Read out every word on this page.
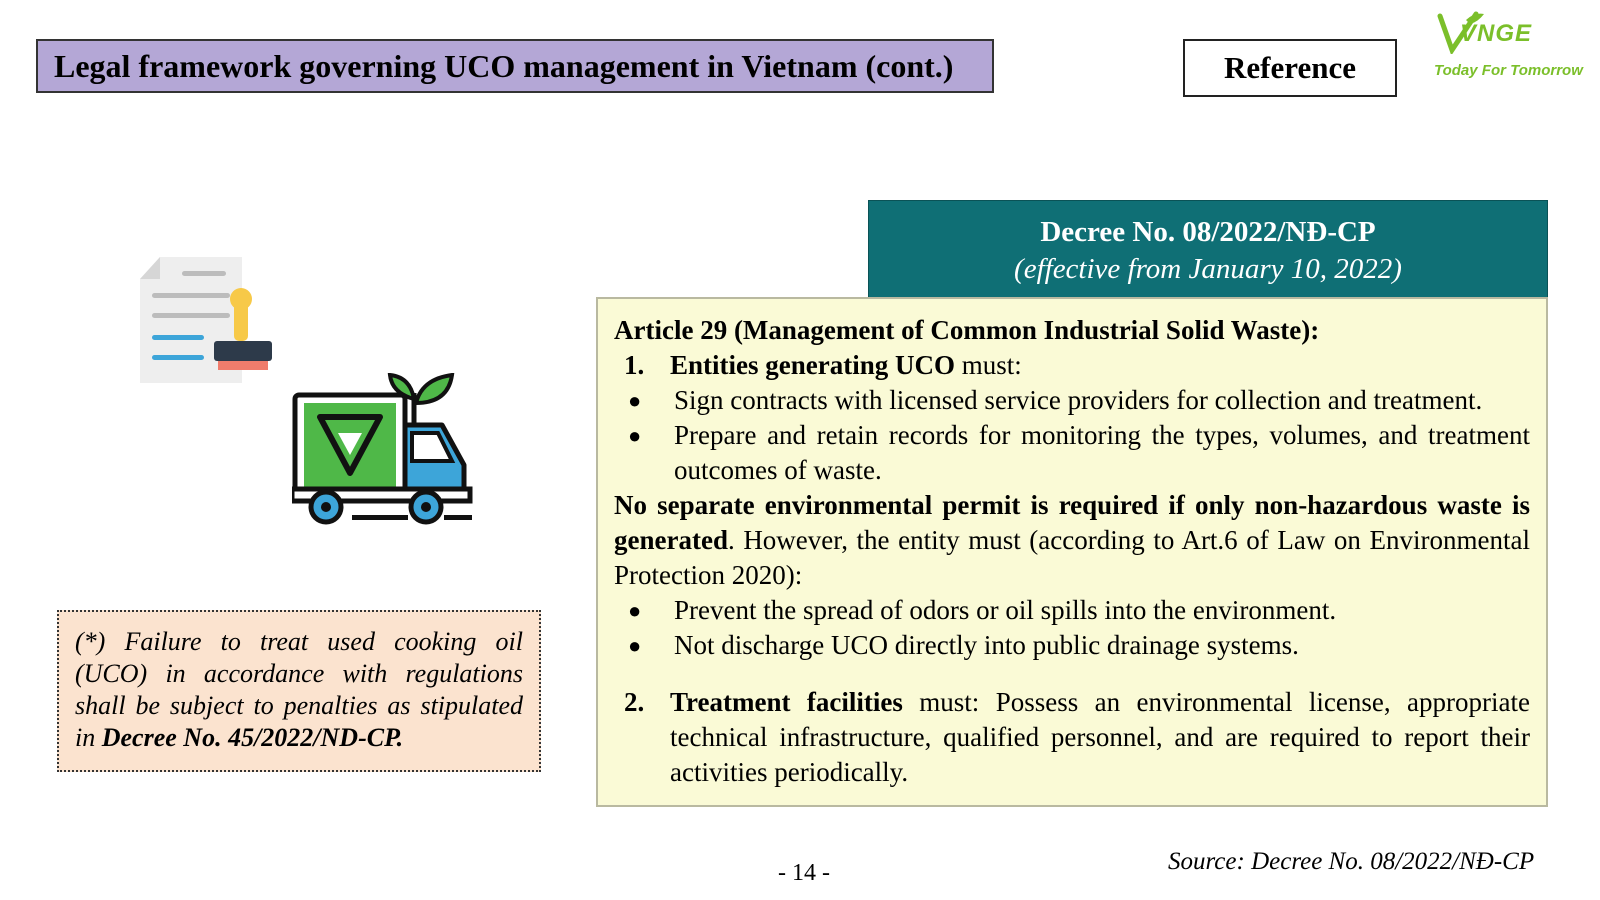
Legal framework governing UCO management in Vietnam (cont.)	Reference
VNGE
Today For Tomorrow
Decree No. 08/2022/NĐ-CP
(effective from January 10, 2022)
Article 29 (Management of Common Industrial Solid Waste):
1. Entities generating UCO must:
●	Sign contracts with licensed service providers for collection and treatment.
●	Prepare and retain records for monitoring the types, volumes, and treatment outcomes of waste.
No separate environmental permit is required if only non-hazardous waste is generated. However, the entity must (according to Art.6 of Law on Environmental Protection 2020):
●	Prevent the spread of odors or oil spills into the environment.
●	Not discharge UCO directly into public drainage systems.
2. Treatment facilities must: Possess an environmental license, appropriate technical infrastructure, qualified personnel, and are required to report their activities periodically.
(*) Failure to treat used cooking oil (UCO) in accordance with regulations shall be subject to penalties as stipulated in Decree No. 45/2022/ND-CP.
- 14 -	Source: Decree No. 08/2022/NĐ-CP
